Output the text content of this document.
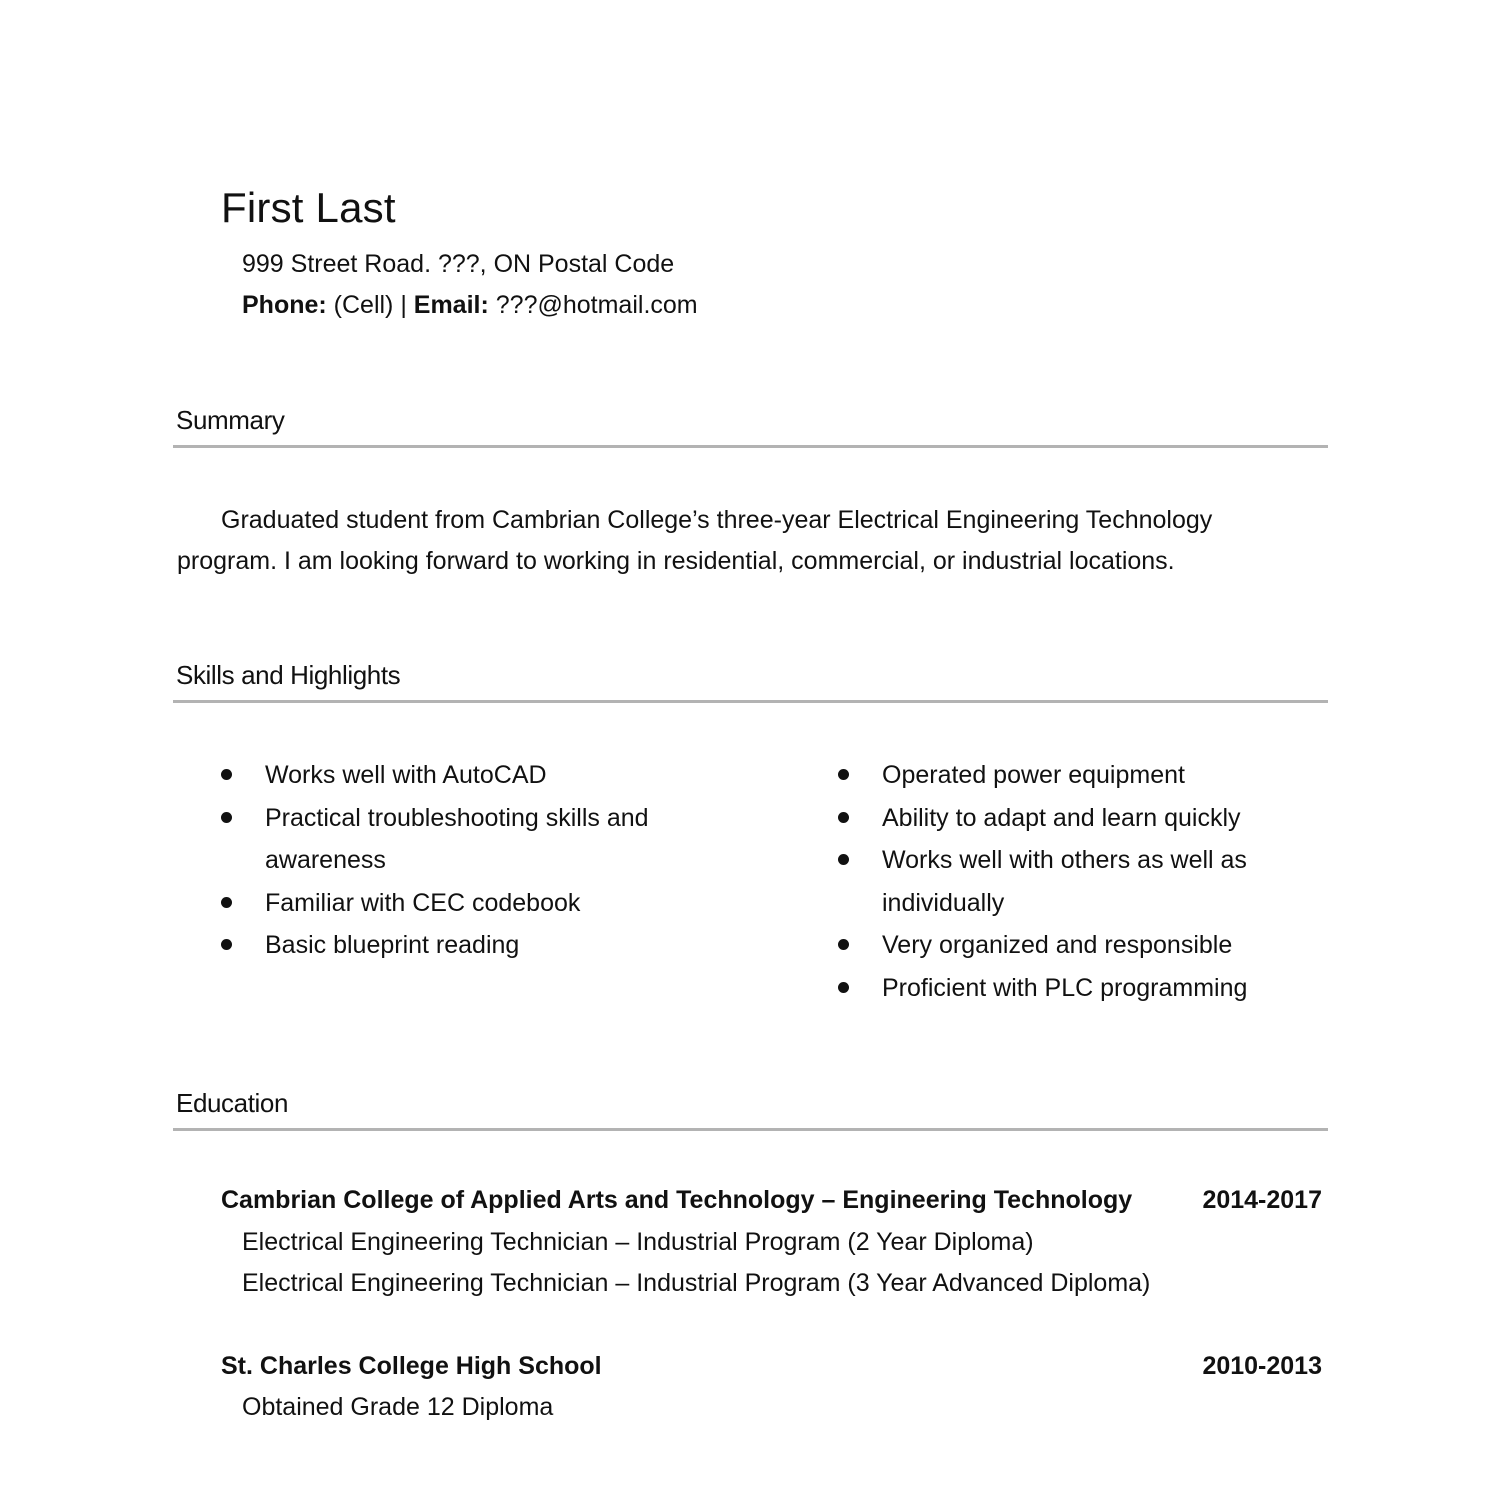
First Last
999 Street Road. ???, ON Postal Code
Phone: (Cell) | Email: ???@hotmail.com
Summary
Graduated student from Cambrian College’s three-year Electrical Engineering Technology program. I am looking forward to working in residential, commercial, or industrial locations.
Skills and Highlights
Works well with AutoCAD
Practical troubleshooting skills and awareness
Familiar with CEC codebook
Basic blueprint reading
Operated power equipment
Ability to adapt and learn quickly
Works well with others as well as individually
Very organized and responsible
Proficient with PLC programming
Education
Cambrian College of Applied Arts and Technology – Engineering Technology	2014-2017
Electrical Engineering Technician – Industrial Program (2 Year Diploma)
Electrical Engineering Technician – Industrial Program (3 Year Advanced Diploma)
St. Charles College High School	2010-2013
Obtained Grade 12 Diploma
